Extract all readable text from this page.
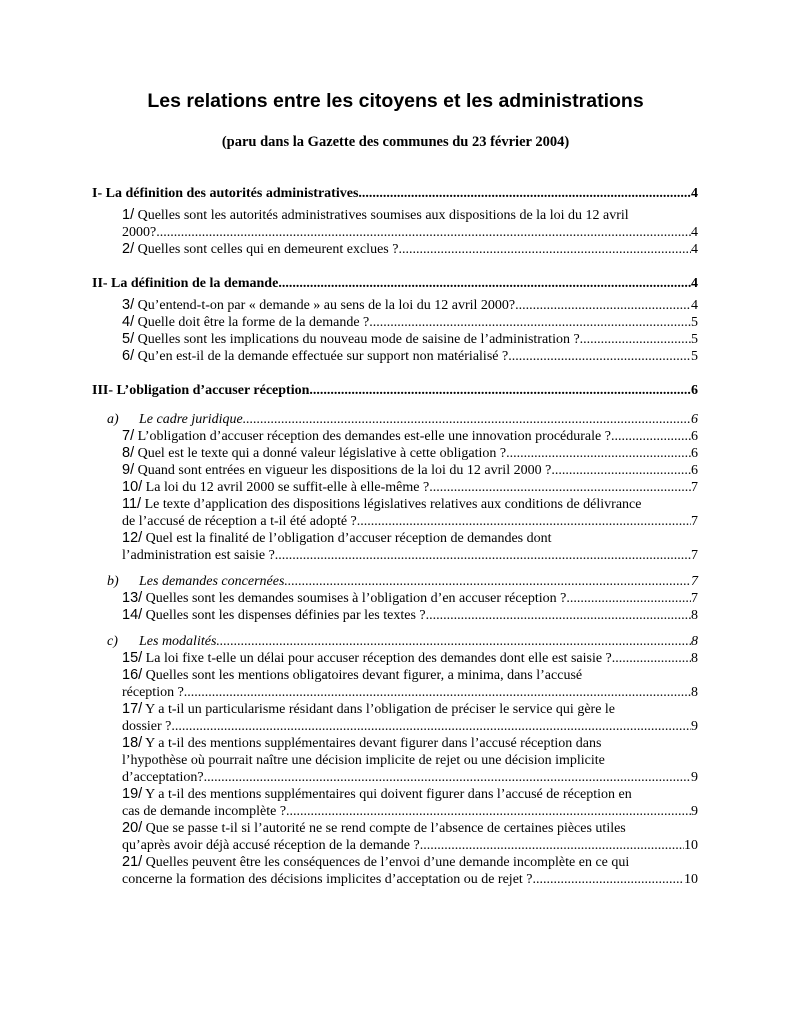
Les relations entre les citoyens et les administrations

(paru dans la Gazette des communes du 23 février 2004)

I- La définition des autorités administratives .....	4
1/ Quelles sont les autorités administratives soumises aux dispositions de la loi du 12 avril
2000? .....	4
2/ Quelles sont celles qui en demeurent exclues ? .....	4
II- La définition de la demande .....	4
3/ Qu’entend-t-on par « demande » au sens de la loi du 12 avril 2000? .....	4
4/ Quelle doit être la forme de la demande ? .....	5
5/ Quelles sont les implications du nouveau mode de saisine de l’administration ? .....	5
6/ Qu’en est-il de la demande effectuée sur support non matérialisé ? .....	5
III- L’obligation d’accuser réception .....	6
a) Le cadre juridique .....	6
7/ L’obligation d’accuser réception des demandes est-elle une innovation procédurale ? .....	6
8/ Quel est le texte qui a donné valeur législative à cette obligation ? .....	6
9/ Quand sont entrées en vigueur les dispositions de la loi du 12 avril 2000 ? .....	6
10/ La loi du 12 avril 2000 se suffit-elle à elle-même ? .....	7
11/ Le texte d’application des dispositions législatives relatives aux conditions de délivrance
de l’accusé de réception a t-il été adopté ? .....	7
12/ Quel est la finalité de l’obligation d’accuser réception de demandes dont
l’administration est saisie ? .....	7
b) Les demandes concernées .....	7
13/ Quelles sont les demandes soumises à l’obligation d’en accuser réception ? .....	7
14/ Quelles sont les dispenses définies par les textes ? .....	8
c) Les modalités .....	8
15/ La loi fixe t-elle un délai pour accuser réception des demandes dont elle est saisie ? .....	8
16/ Quelles sont les mentions obligatoires devant figurer, a minima, dans l’accusé
réception ? .....	8
17/ Y a t-il un particularisme résidant dans l’obligation de préciser le service qui gère le
dossier ? .....	9
18/ Y a t-il des mentions supplémentaires devant figurer dans l’accusé réception dans
l’hypothèse où pourrait naître une décision implicite de rejet ou une décision implicite
d’acceptation? .....	9
19/ Y a t-il des mentions supplémentaires qui doivent figurer dans l’accusé de réception en
cas de demande incomplète ? .....	9
20/ Que se passe t-il si l’autorité ne se rend compte de l’absence de certaines pièces utiles
qu’après avoir déjà accusé réception de la demande ? .....	10
21/ Quelles peuvent être les conséquences de l’envoi d’une demande incomplète en ce qui
concerne la formation des décisions implicites d’acceptation ou de rejet ? .....	10
